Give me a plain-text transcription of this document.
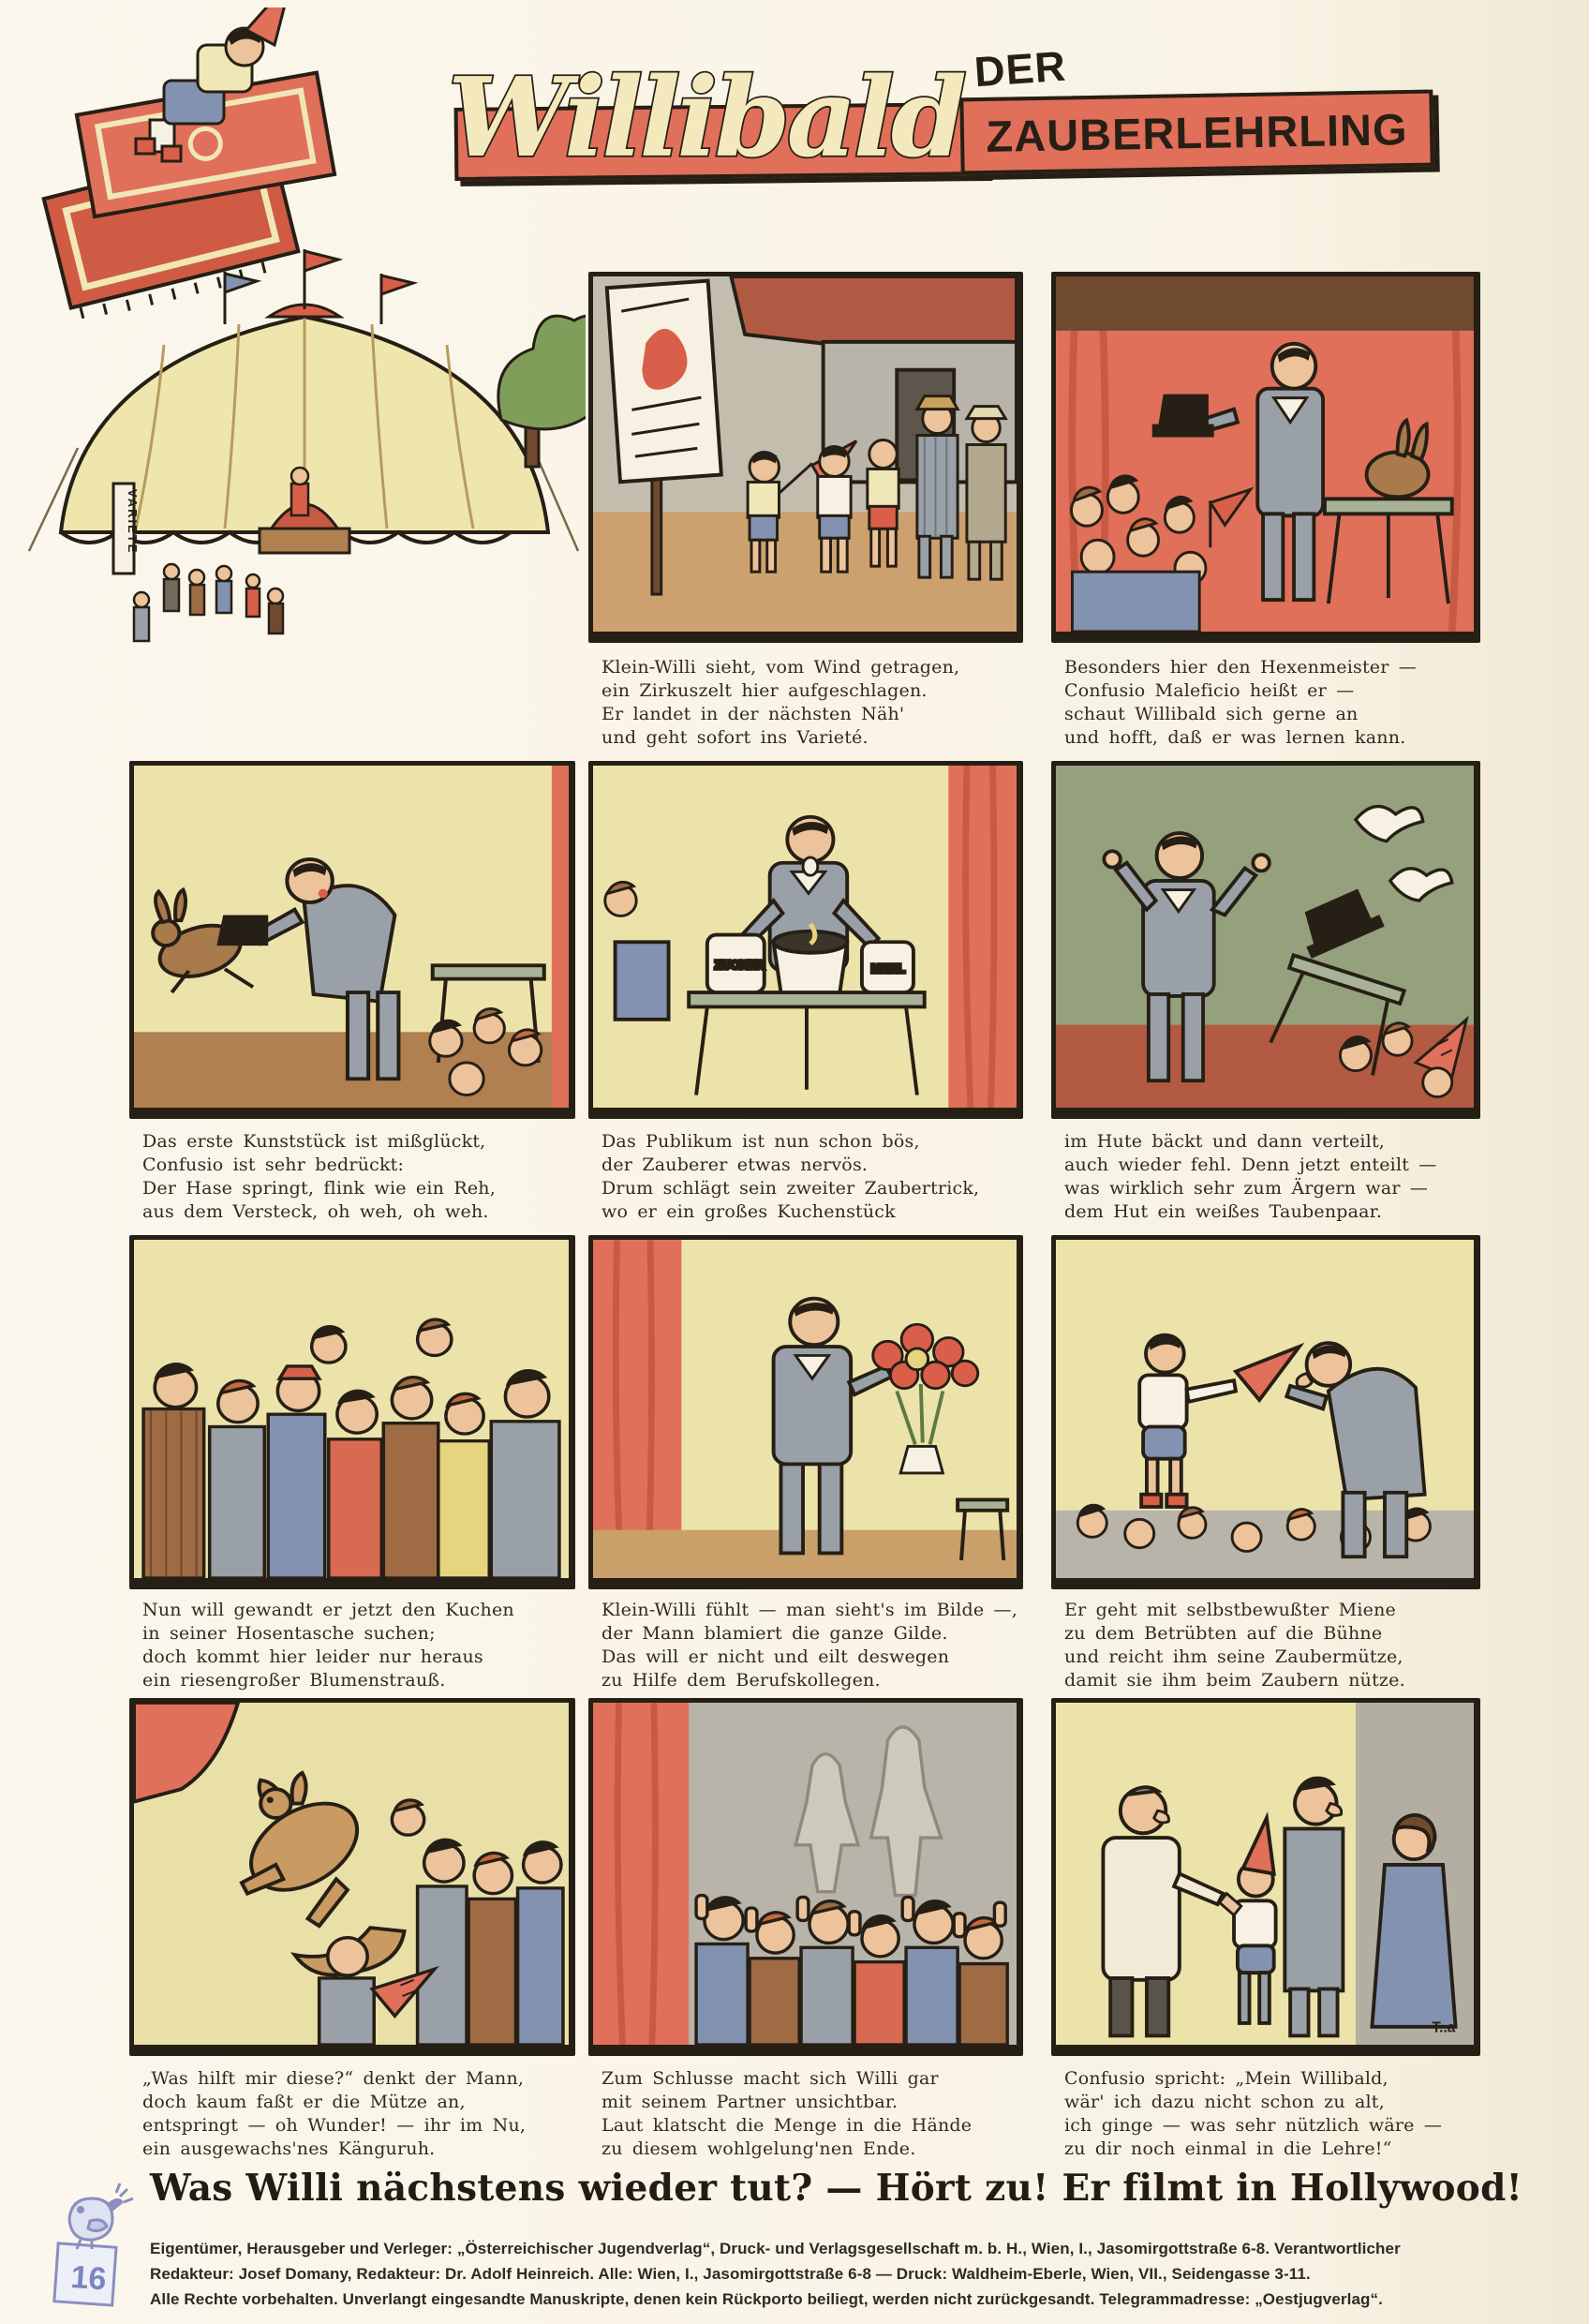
ZAUBERLEHRLING
DER
Willibald
VARIETE
Klein-Willi sieht, vom Wind getragen,
ein Zirkuszelt hier aufgeschlagen.
Er landet in der nächsten Näh'
und geht sofort ins Varieté.
Besonders hier den Hexenmeister —
Confusio Maleficio heißt er —
schaut Willibald sich gerne an
und hofft, daß er was lernen kann.
ZUCKER	MEHL
Das erste Kunststück ist mißglückt,
Confusio ist sehr bedrückt:
Der Hase springt, flink wie ein Reh,
aus dem Versteck, oh weh, oh weh.
Das Publikum ist nun schon bös,
der Zauberer etwas nervös.
Drum schlägt sein zweiter Zaubertrick,
wo er ein großes Kuchenstück
im Hute bäckt und dann verteilt,
auch wieder fehl. Denn jetzt enteilt —
was wirklich sehr zum Ärgern war —
dem Hut ein weißes Taubenpaar.
Nun will gewandt er jetzt den Kuchen
in seiner Hosentasche suchen;
doch kommt hier leider nur heraus
ein riesengroßer Blumenstrauß.
Klein-Willi fühlt — man sieht's im Bilde —,
der Mann blamiert die ganze Gilde.
Das will er nicht und eilt deswegen
zu Hilfe dem Berufskollegen.
Er geht mit selbstbewußter Miene
zu dem Betrübten auf die Bühne
und reicht ihm seine Zaubermütze,
damit sie ihm beim Zaubern nütze.
T..a
„Was hilft mir diese?“ denkt der Mann,
doch kaum faßt er die Mütze an,
entspringt — oh Wunder! — ihr im Nu,
ein ausgewachs'nes Känguruh.
Zum Schlusse macht sich Willi gar
mit seinem Partner unsichtbar.
Laut klatscht die Menge in die Hände
zu diesem wohlgelung'nen Ende.
Confusio spricht: „Mein Willibald,
wär' ich dazu nicht schon zu alt,
ich ginge — was sehr nützlich wäre —
zu dir noch einmal in die Lehre!“
Was Willi nächstens wieder tut? — Hört zu! Er filmt in Hollywood!
16
Eigentümer, Herausgeber und Verleger: „Österreichischer Jugendverlag“, Druck- und Verlagsgesellschaft m. b. H., Wien, I., Jasomirgottstraße 6-8. Verantwortlicher
Redakteur: Josef Domany, Redakteur: Dr. Adolf Heinreich. Alle: Wien, I., Jasomirgottstraße 6-8 — Druck: Waldheim-Eberle, Wien, VII., Seidengasse 3-11.
Alle Rechte vorbehalten. Unverlangt eingesandte Manuskripte, denen kein Rückporto beiliegt, werden nicht zurückgesandt. Telegrammadresse: „Oestjugverlag“.
